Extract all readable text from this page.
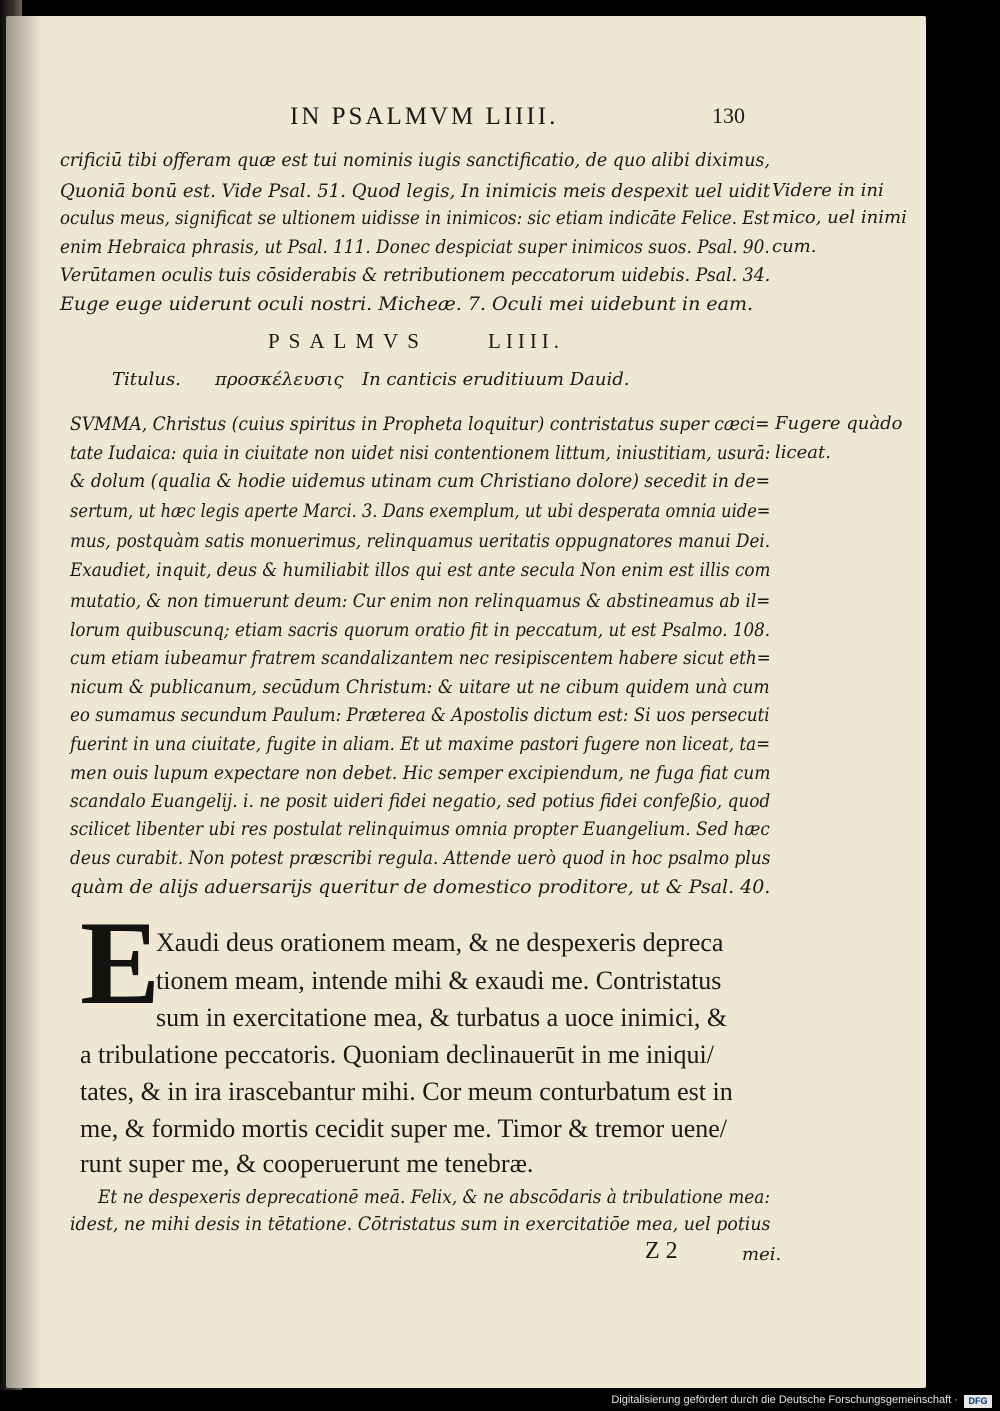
IN PSALMVM LIIII.	130
crificiū tibi offeram quæ est tui nominis iugis sanctificatio, de quo alibi diximus,
Quoniā bonū est. Vide Psal. 51. Quod legis, In inimicis meis despexit uel uidit
oculus meus, significat se ultionem uidisse in inimicos: sic etiam indicāte Felice. Est
enim Hebraica phrasis, ut Psal. 111. Donec despiciat super inimicos suos. Psal. 90.
Verūtamen oculis tuis cōsiderabis & retributionem peccatorum uidebis. Psal. 34.
Euge euge uiderunt oculi nostri. Micheæ. 7. Oculi mei uidebunt in eam.
Videre in ini
mico, uel inimi
cum.
PSALMVS	LIIII.
Titulus. προσκέλευσις In canticis eruditiuum Dauid.
SVMMA, Christus (cuius spiritus in Propheta loquitur) contristatus super cæci=
tate Iudaica: quia in ciuitate non uidet nisi contentionem littum, iniustitiam, usurā:
& dolum (qualia & hodie uidemus utinam cum Christiano dolore) secedit in de=
sertum, ut hæc legis aperte Marci. 3. Dans exemplum, ut ubi desperata omnia uide=
mus, postquàm satis monuerimus, relinquamus ueritatis oppugnatores manui Dei.
Exaudiet, inquit, deus & humiliabit illos qui est ante secula Non enim est illis com
mutatio, & non timuerunt deum: Cur enim non relinquamus & abstineamus ab il=
lorum quibuscunq; etiam sacris quorum oratio fit in peccatum, ut est Psalmo. 108.
cum etiam iubeamur fratrem scandalizantem nec resipiscentem habere sicut eth=
nicum & publicanum, secūdum Christum: & uitare ut ne cibum quidem unà cum
eo sumamus secundum Paulum: Præterea & Apostolis dictum est: Si uos persecuti
fuerint in una ciuitate, fugite in aliam. Et ut maxime pastori fugere non liceat, ta=
men ouis lupum expectare non debet. Hic semper excipiendum, ne fuga fiat cum
scandalo Euangelij. i. ne posit uideri fidei negatio, sed potius fidei confeßio, quod
scilicet libenter ubi res postulat relinquimus omnia propter Euangelium. Sed hæc
deus curabit. Non potest præscribi regula. Attende uerò quod in hoc psalmo plus
quàm de alijs aduersarijs queritur de domestico proditore, ut & Psal. 40.
Fugere quàdo
liceat.
E
Xaudi deus orationem meam, & ne despexeris depreca
tionem meam, intende mihi & exaudi me. Contristatus
sum in exercitatione mea, & turbatus a uoce inimici, &
a tribulatione peccatoris. Quoniam declinauerūt in me iniqui/
tates, & in ira irascebantur mihi. Cor meum conturbatum est in
me, & formido mortis cecidit super me. Timor & tremor uene/
runt super me, & cooperuerunt me tenebræ.
Et ne despexeris deprecationē meā. Felix, & ne abscōdaris à tribulatione mea:
idest, ne mihi desis in tētatione. Cōtristatus sum in exercitatiōe mea, uel potius
Z 2	mei.
Digitalisierung gefördert durch die Deutsche Forschungsgemeinschaft ·	DFG
